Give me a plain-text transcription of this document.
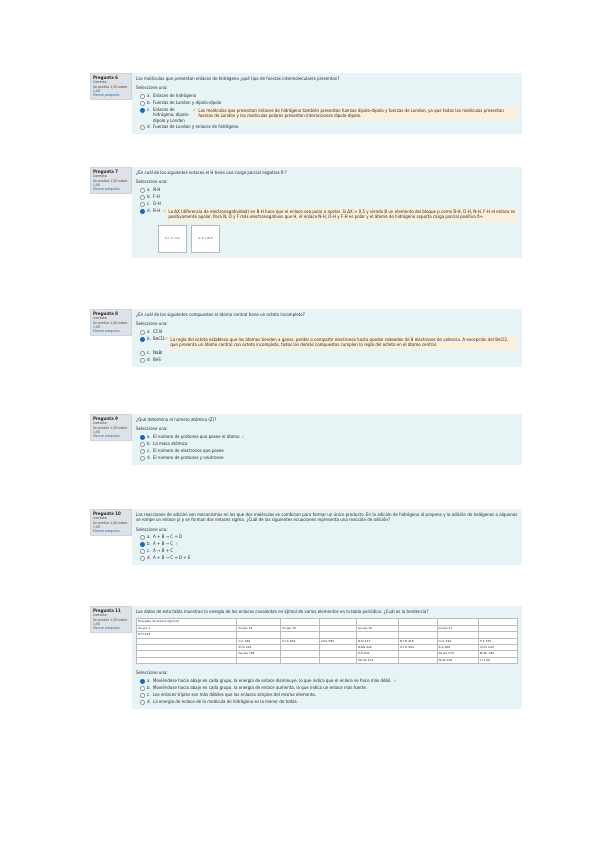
Pregunta 6
Correcta
Se puntúa 1,00 sobre 1,00
Marcar pregunta
Las moléculas que presentan enlaces de hidrógeno ¿qué tipo de fuerzas intermoleculares presentan?
Seleccione una:
a. Enlaces de hidrógeno
b. Fuerzas de London y dipolo-dipolo
c. Enlaces de hidrógeno, dipolo-dipolo y London
✓ Las moléculas que presentan enlaces de hidrógeno también presentan fuerzas dipolo-dipolo y fuerzas de London, ya que todas las moléculas presentan fuerzas de London y las moléculas polares presentan interacciones dipolo-dipolo.
d. Fuerzas de London y enlaces de hidrógeno
Pregunta 7
Correcta
Se puntúa 1,00 sobre 1,00
Marcar pregunta
¿En cuál de los siguientes enlaces el H tiene una carga parcial negativa δ-?
Seleccione una:
a. N-H
b. F-H
c. O-H
d. B-H ✓ La ΔX (diferencia de electronegatividad) en B-H hace que el enlace sea polar o apolar. Si ΔX > 0,5 y siendo B un elemento del bloque p como B-H, O-H, N-H, F-H el enlace es positivamente apolar. Para N, O y F más electronegativos que H, el enlace N-H, O-H y F-H es polar y el átomo de hidrógeno soporta carga parcial positiva δ+.
δ+ δ- H-X	δ- δ+ B-H
Pregunta 8
Correcta
Se puntúa 1,00 sobre 1,00
Marcar pregunta
¿En cuál de los siguientes compuestos el átomo central tiene un octeto incompleto?
Seleccione una:
a. CCl4
b. BeCl2 ✓ La regla del octeto establece que los átomos tienden a ganar, perder o compartir electrones hasta quedar rodeados de 8 electrones de valencia. A excepción del BeCl2, que presenta un átomo central con octeto incompleto, todos los demás compuestos cumplen la regla del octeto en el átomo central.
c. NaBr
d. BeS
Pregunta 9
Correcta
Se puntúa 1,00 sobre 1,00
Marcar pregunta
¿Qué determina el número atómico (Z)?
Seleccione una:
a. El número de protones que posee el átomo ✓
b. La masa atómica
c. El número de electrones que posee
d. El número de protones y neutrones
Pregunta 10
Correcta
Se puntúa 1,00 sobre 1,00
Marcar pregunta
Las reacciones de adición son mecanismos en los que dos moléculas se combinan para formar un único producto. En la adición de hidrógeno al propeno y la adición de halógenos a alquenos se rompe un enlace pi y se forman dos enlaces sigma. ¿Cuál de las siguientes ecuaciones representa una reacción de adición?
Seleccione una:
a. A + B → C + D
b. A + B → C ✓
c. A → B + C
d. A + B → C + D + E
Pregunta 11
Correcta
Se puntúa 1,00 sobre 1,00
Marcar pregunta
Los datos de esta tabla muestran la energía de los enlaces covalentes en kJ/mol de varios elementos en la tabla periódica. ¿Cuál es la tendencia?
Energías de enlace (kJ/mol)							
Grupo 1	Grupo 14	Grupo 15		Grupo 16		Grupo 17	
H-H 432							
	C-C 346	C=C 602	C≡C 835	N-N 167	N=N 418	O-O 142	F-F 155
	Si-Si 222			N≡N 942	O=O 494	S-S 266	Cl-Cl 240
	Ge-Ge 188			P-P 201		Se-Se 172	Br-Br 190
				Sb-Sb 121		Te-Te 126	I-I 149
Seleccione una:
a. Moviéndose hacia abajo en cada grupo, la energía de enlace disminuye, lo que indica que el enlace se hace más débil. ✓
b. Moviéndose hacia abajo en cada grupo, la energía de enlace aumenta, lo que indica un enlace más fuerte.
c. Los enlaces triples son más débiles que los enlaces simples del mismo elemento.
d. La energía de enlace de la molécula de hidrógeno es la menor de todas.
